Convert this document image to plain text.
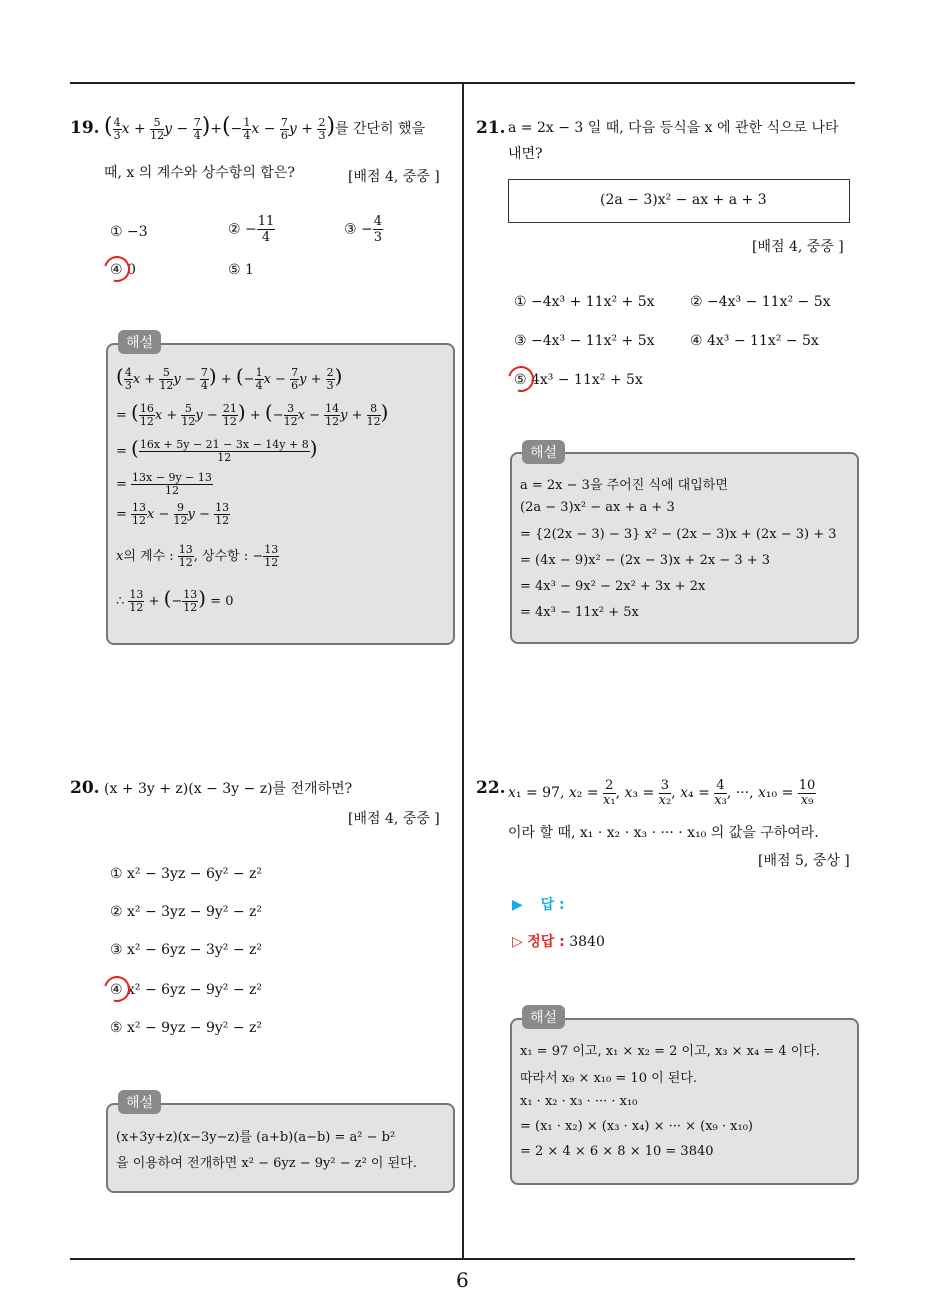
19. ( $\frac{4}{3}$ $x + \frac{5}{12}$ $y - \frac{7}{4}$ )+(− $\frac{1}{4}$ $x - \frac{7}{6}$ $y + \frac{2}{3}$ )를 간단히 했을
때, x 의 계수와 상수항의 합은?	[배점 4, 중중 ]
① −3	② − $\frac{11}{4}$	③ − $\frac{4}{3}$
④ 0	⑤ 1
해설
( $\frac{4}{3}$ $x + \frac{5}{12}$ $y - \frac{7}{4}$ ) + (− $\frac{1}{4}$ $x - \frac{7}{6}$ $y + \frac{2}{3}$ )
= ( $\frac{16}{12}$ $x + \frac{5}{12}$ $y - \frac{21}{12}$ ) + (− $\frac{3}{12}$ $x - \frac{14}{12}$ $y + \frac{8}{12}$ )
= ( $\frac{16x + 5y - 21 - 3x - 14y + 8}{12}$ )
= $\frac{13x - 9y - 13}{12}$
= $\frac{13}{12}$ $x - \frac{9}{12}$ $y - \frac{13}{12}$
x의 계수 : $\frac{13}{12}$ , 상수항 : − $\frac{13}{12}$
∴ $\frac{13}{12}$ + (− $\frac{13}{12}$ ) = 0
20. (x + 3y + z)(x − 3y − z)를 전개하면?
[배점 4, 중중 ]
① x² − 3yz − 6y² − z²
② x² − 3yz − 9y² − z²
③ x² − 6yz − 3y² − z²
④ x² − 6yz − 9y² − z²
⑤ x² − 9yz − 9y² − z²
해설
(x+3y+z)(x−3y−z)를 (a+b)(a−b) = a² − b²
을 이용하여 전개하면 x² − 6yz − 9y² − z² 이 된다.
21. a = 2x − 3 일 때, 다음 등식을 x 에 관한 식으로 나타
내면?
(2a − 3)x² − ax + a + 3
[배점 4, 중중 ]
① −4x³ + 11x² + 5x	② −4x³ − 11x² − 5x
③ −4x³ − 11x² + 5x	④ 4x³ − 11x² − 5x
⑤ 4x³ − 11x² + 5x
해설
a = 2x − 3을 주어진 식에 대입하면
(2a − 3)x² − ax + a + 3
= {2(2x − 3) − 3} x² − (2x − 3)x + (2x − 3) + 3
= (4x − 9)x² − (2x − 3)x + 2x − 3 + 3
= 4x³ − 9x² − 2x² + 3x + 2x
= 4x³ − 11x² + 5x
22. x₁ = 97, $x_2 = \frac{2}{\text{x₁}}$ , $x_3 = \frac{3}{\text{x₂}}$ , $x_4 = \frac{4}{\text{x₃}}$ , ···, $x_{10} = \frac{10}{\text{x₉}}$
이라 할 때, x₁ · x₂ · x₃ · ··· · x₁₀ 의 값을 구하여라.
[배점 5, 중상 ]
▶ 답 :
▷ 정답 : 3840
해설
x₁ = 97 이고, x₁ × x₂ = 2 이고, x₃ × x₄ = 4 이다.
따라서 x₉ × x₁₀ = 10 이 된다.
x₁ · x₂ · x₃ · ··· · x₁₀
= (x₁ · x₂) × (x₃ · x₄) × ··· × (x₉ · x₁₀)
= 2 × 4 × 6 × 8 × 10 = 3840
6
